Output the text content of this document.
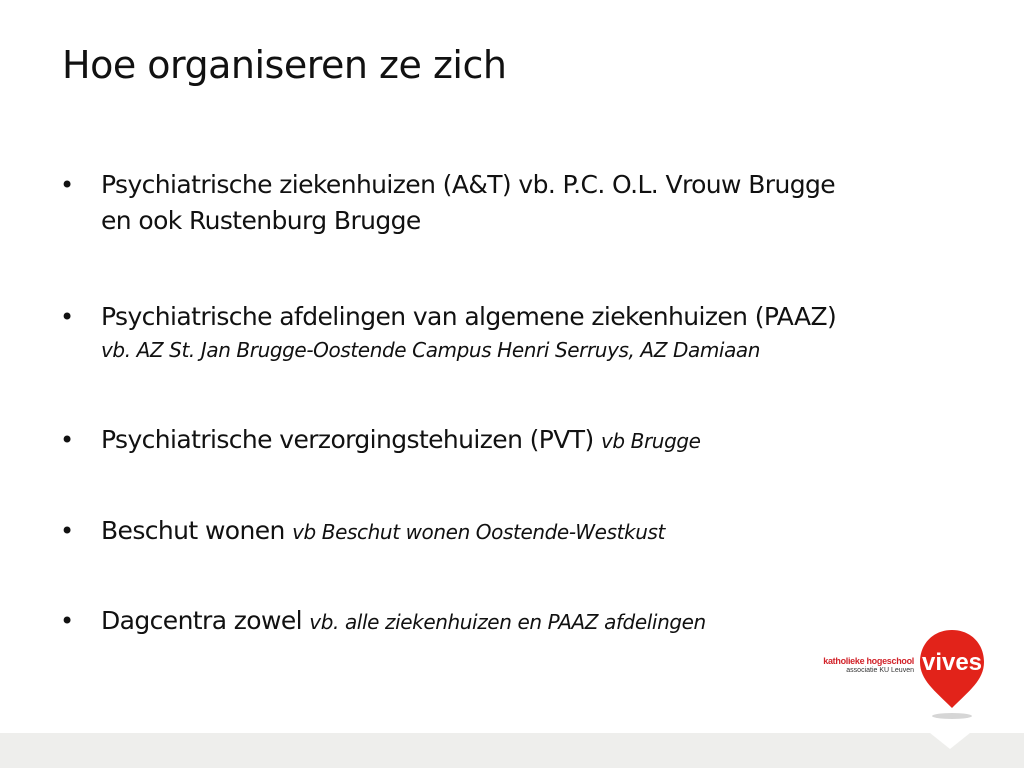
Hoe organiseren ze zich
• Psychiatrische ziekenhuizen (A&T) vb. P.C. O.L. Vrouw Brugge
en ook Rustenburg Brugge
• Psychiatrische afdelingen van algemene ziekenhuizen (PAAZ)
vb. AZ St. Jan Brugge-Oostende Campus Henri Serruys, AZ Damiaan
•	Psychiatrische verzorgingstehuizen (PVT) vb Brugge
•	Beschut wonen vb Beschut wonen Oostende-Westkust
•	Dagcentra zowel vb. alle ziekenhuizen en PAAZ afdelingen
katholieke hogeschool
associatie KU Leuven vives
